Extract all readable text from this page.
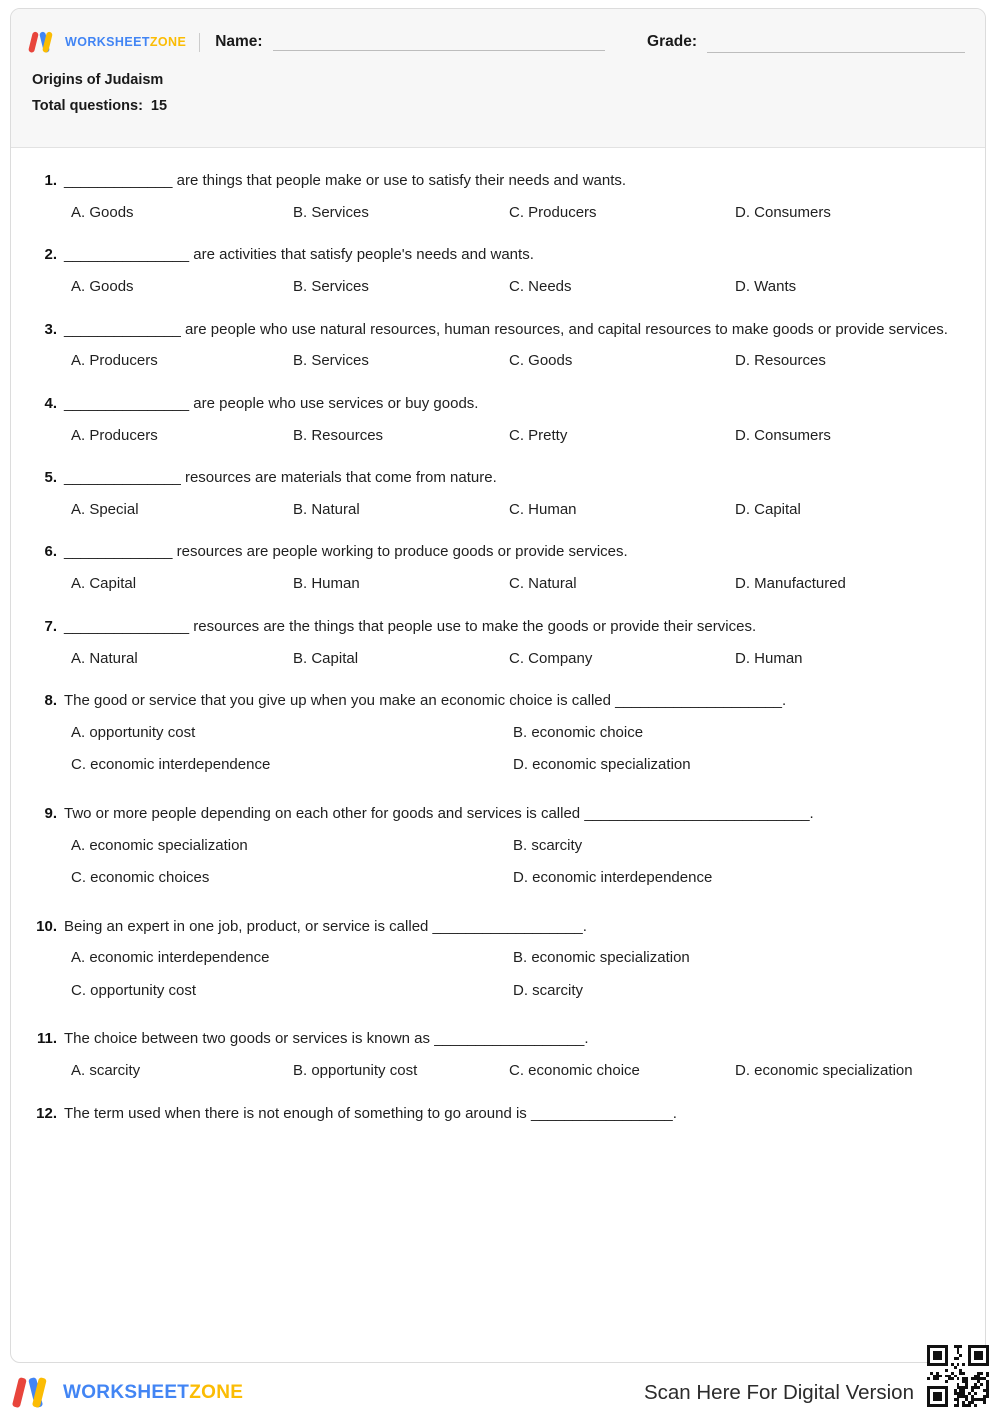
WORKSHEETZONE Name:	Grade:
Origins of Judaism
Total questions: 15
1. _____________ are things that people make or use to satisfy their needs and wants.
A. Goods	B. Services	C. Producers	D. Consumers
2. _______________ are activities that satisfy people's needs and wants.
A. Goods	B. Services	C. Needs	D. Wants
3. ______________ are people who use natural resources, human resources, and capital resources to make goods or provide services.
A. Producers	B. Services	C. Goods	D. Resources
4. _______________ are people who use services or buy goods.
A. Producers	B. Resources	C. Pretty	D. Consumers
5. ______________ resources are materials that come from nature.
A. Special	B. Natural	C. Human	D. Capital
6. _____________ resources are people working to produce goods or provide services.
A. Capital	B. Human	C. Natural	D. Manufactured
7. _______________ resources are the things that people use to make the goods or provide their services.
A. Natural	B. Capital	C. Company	D. Human
8. The good or service that you give up when you make an economic choice is called ____________________.
A. opportunity cost	B. economic choice
C. economic interdependence	D. economic specialization
9. Two or more people depending on each other for goods and services is called ___________________________.
A. economic specialization	B. scarcity
C. economic choices	D. economic interdependence
10. Being an expert in one job, product, or service is called __________________.
A. economic interdependence	B. economic specialization
C. opportunity cost	D. scarcity
11. The choice between two goods or services is known as __________________.
A. scarcity	B. opportunity cost	C. economic choice	D. economic specialization
12. The term used when there is not enough of something to go around is _________________.
WORKSHEETZONE	Scan Here For Digital Version
